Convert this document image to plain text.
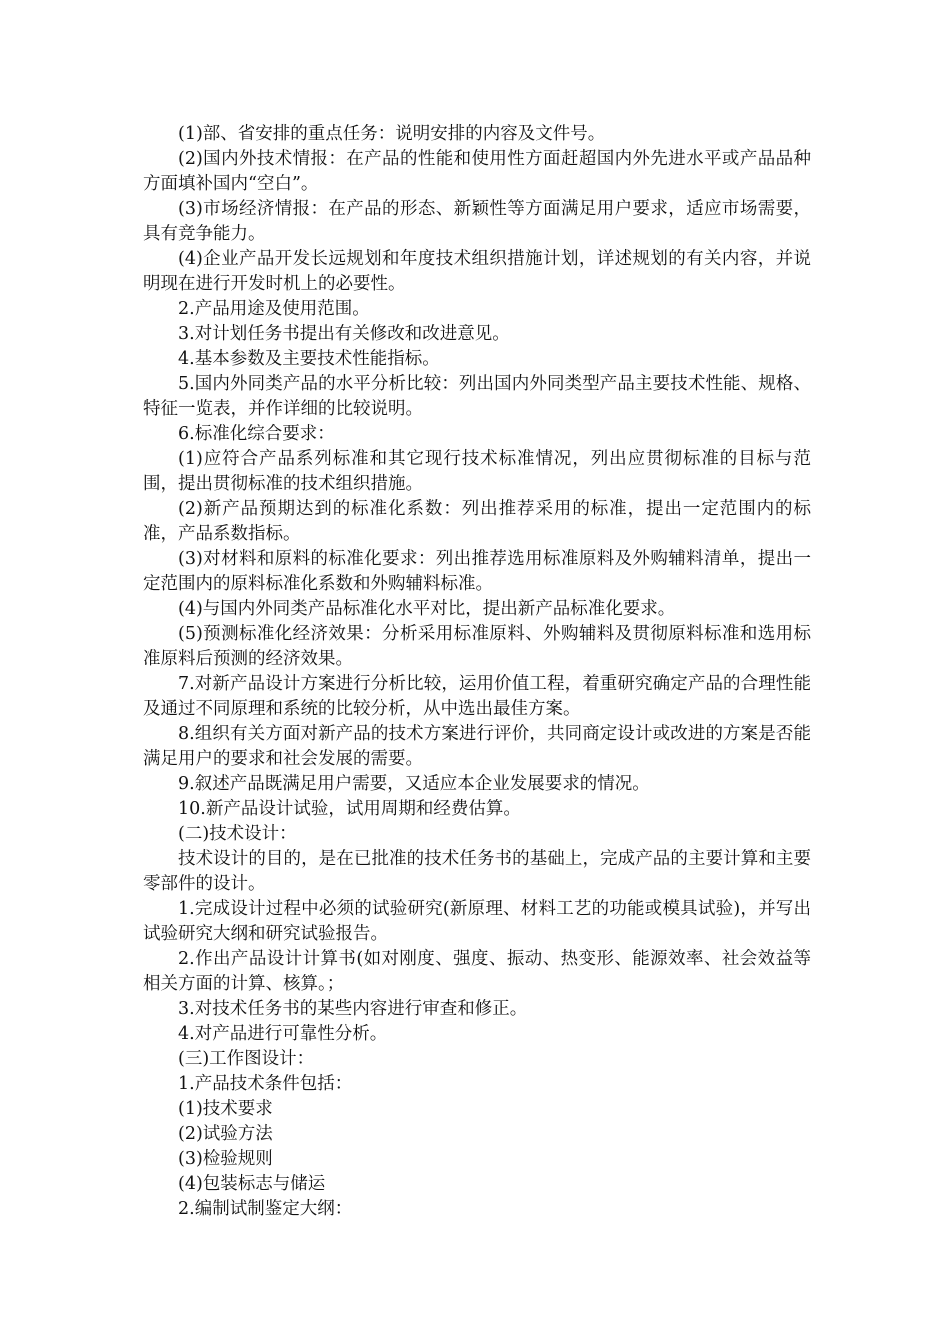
(1)部、省安排的重点任务：说明安排的内容及文件号。

(2)国内外技术情报：在产品的性能和使用性方面赶超国内外先进水平或产品品种方面填补国内“空白”。

(3)市场经济情报：在产品的形态、新颖性等方面满足用户要求，适应市场需要，具有竞争能力。

(4)企业产品开发长远规划和年度技术组织措施计划，详述规划的有关内容，并说明现在进行开发时机上的必要性。

2.产品用途及使用范围。

3.对计划任务书提出有关修改和改进意见。

4.基本参数及主要技术性能指标。

5.国内外同类产品的水平分析比较：列出国内外同类型产品主要技术性能、规格、特征一览表，并作详细的比较说明。

6.标准化综合要求：

(1)应符合产品系列标准和其它现行技术标准情况，列出应贯彻标准的目标与范围，提出贯彻标准的技术组织措施。

(2)新产品预期达到的标准化系数：列出推荐采用的标准，提出一定范围内的标准，产品系数指标。

(3)对材料和原料的标准化要求：列出推荐选用标准原料及外购辅料清单，提出一定范围内的原料标准化系数和外购辅料标准。

(4)与国内外同类产品标准化水平对比，提出新产品标准化要求。

(5)预测标准化经济效果：分析采用标准原料、外购辅料及贯彻原料标准和选用标准原料后预测的经济效果。

7.对新产品设计方案进行分析比较，运用价值工程，着重研究确定产品的合理性能及通过不同原理和系统的比较分析，从中选出最佳方案。

8.组织有关方面对新产品的技术方案进行评价，共同商定设计或改进的方案是否能满足用户的要求和社会发展的需要。

9.叙述产品既满足用户需要，又适应本企业发展要求的情况。

10.新产品设计试验，试用周期和经费估算。

(二)技术设计：

技术设计的目的，是在已批准的技术任务书的基础上，完成产品的主要计算和主要零部件的设计。

1.完成设计过程中必须的试验研究(新原理、材料工艺的功能或模具试验)，并写出试验研究大纲和研究试验报告。

2.作出产品设计计算书(如对刚度、强度、振动、热变形、能源效率、社会效益等相关方面的计算、核算。；

3.对技术任务书的某些内容进行审查和修正。

4.对产品进行可靠性分析。

(三)工作图设计：

1.产品技术条件包括：

(1)技术要求

(2)试验方法

(3)检验规则

(4)包装标志与储运

2.编制试制鉴定大纲：
